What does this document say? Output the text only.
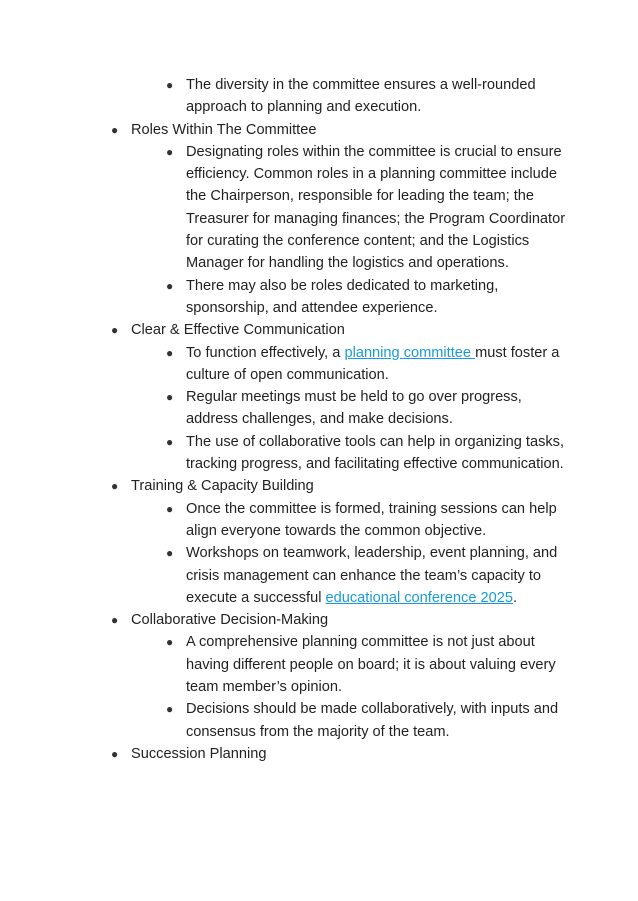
● The diversity in the committee ensures a well-rounded approach to planning and execution.
● Roles Within The Committee
● Designating roles within the committee is crucial to ensure efficiency. Common roles in a planning committee include the Chairperson, responsible for leading the team; the Treasurer for managing finances; the Program Coordinator for curating the conference content; and the Logistics Manager for handling the logistics and operations.
● There may also be roles dedicated to marketing, sponsorship, and attendee experience.
● Clear & Effective Communication
● To function effectively, a planning committee must foster a culture of open communication.
● Regular meetings must be held to go over progress, address challenges, and make decisions.
● The use of collaborative tools can help in organizing tasks, tracking progress, and facilitating effective communication.
● Training & Capacity Building
● Once the committee is formed, training sessions can help align everyone towards the common objective.
● Workshops on teamwork, leadership, event planning, and crisis management can enhance the team’s capacity to execute a successful educational conference 2025.
● Collaborative Decision-Making
● A comprehensive planning committee is not just about having different people on board; it is about valuing every team member’s opinion.
● Decisions should be made collaboratively, with inputs and consensus from the majority of the team.
● Succession Planning
